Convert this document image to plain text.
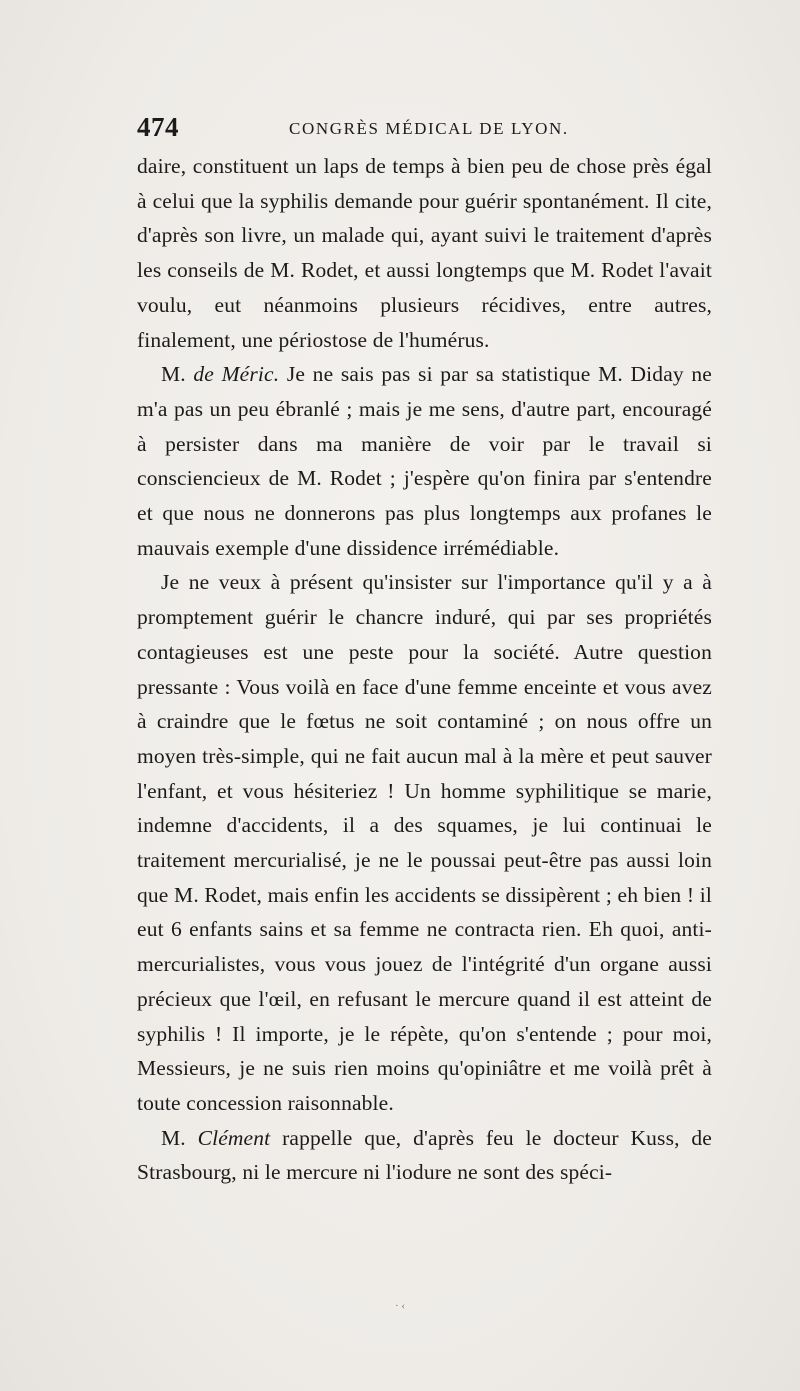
474	CONGRÈS MÉDICAL DE LYON.

daire, constituent un laps de temps à bien peu de chose près égal à celui que la syphilis demande pour guérir spontanément. Il cite, d'après son livre, un malade qui, ayant suivi le traitement d'après les conseils de M. Rodet, et aussi longtemps que M. Rodet l'avait voulu, eut néanmoins plusieurs récidives, entre autres, finalement, une périostose de l'humérus.

M. de Méric. Je ne sais pas si par sa statistique M. Diday ne m'a pas un peu ébranlé ; mais je me sens, d'autre part, encouragé à persister dans ma manière de voir par le travail si consciencieux de M. Rodet ; j'espère qu'on finira par s'entendre et que nous ne donnerons pas plus longtemps aux profanes le mauvais exemple d'une dissidence irrémédiable.

Je ne veux à présent qu'insister sur l'importance qu'il y a à promptement guérir le chancre induré, qui par ses propriétés contagieuses est une peste pour la société. Autre question pressante : Vous voilà en face d'une femme enceinte et vous avez à craindre que le fœtus ne soit contaminé ; on nous offre un moyen très-simple, qui ne fait aucun mal à la mère et peut sauver l'enfant, et vous hésiteriez ! Un homme syphilitique se marie, indemne d'accidents, il a des squames, je lui continuai le traitement mercurialisé, je ne le poussai peut-être pas aussi loin que M. Rodet, mais enfin les accidents se dissipèrent ; eh bien ! il eut 6 enfants sains et sa femme ne contracta rien. Eh quoi, anti-mercurialistes, vous vous jouez de l'intégrité d'un organe aussi précieux que l'œil, en refusant le mercure quand il est atteint de syphilis ! Il importe, je le répète, qu'on s'entende ; pour moi, Messieurs, je ne suis rien moins qu'opiniâtre et me voilà prêt à toute concession raisonnable.

M. Clément rappelle que, d'après feu le docteur Kuss, de Strasbourg, ni le mercure ni l'iodure ne sont des spéci-

· ‹
